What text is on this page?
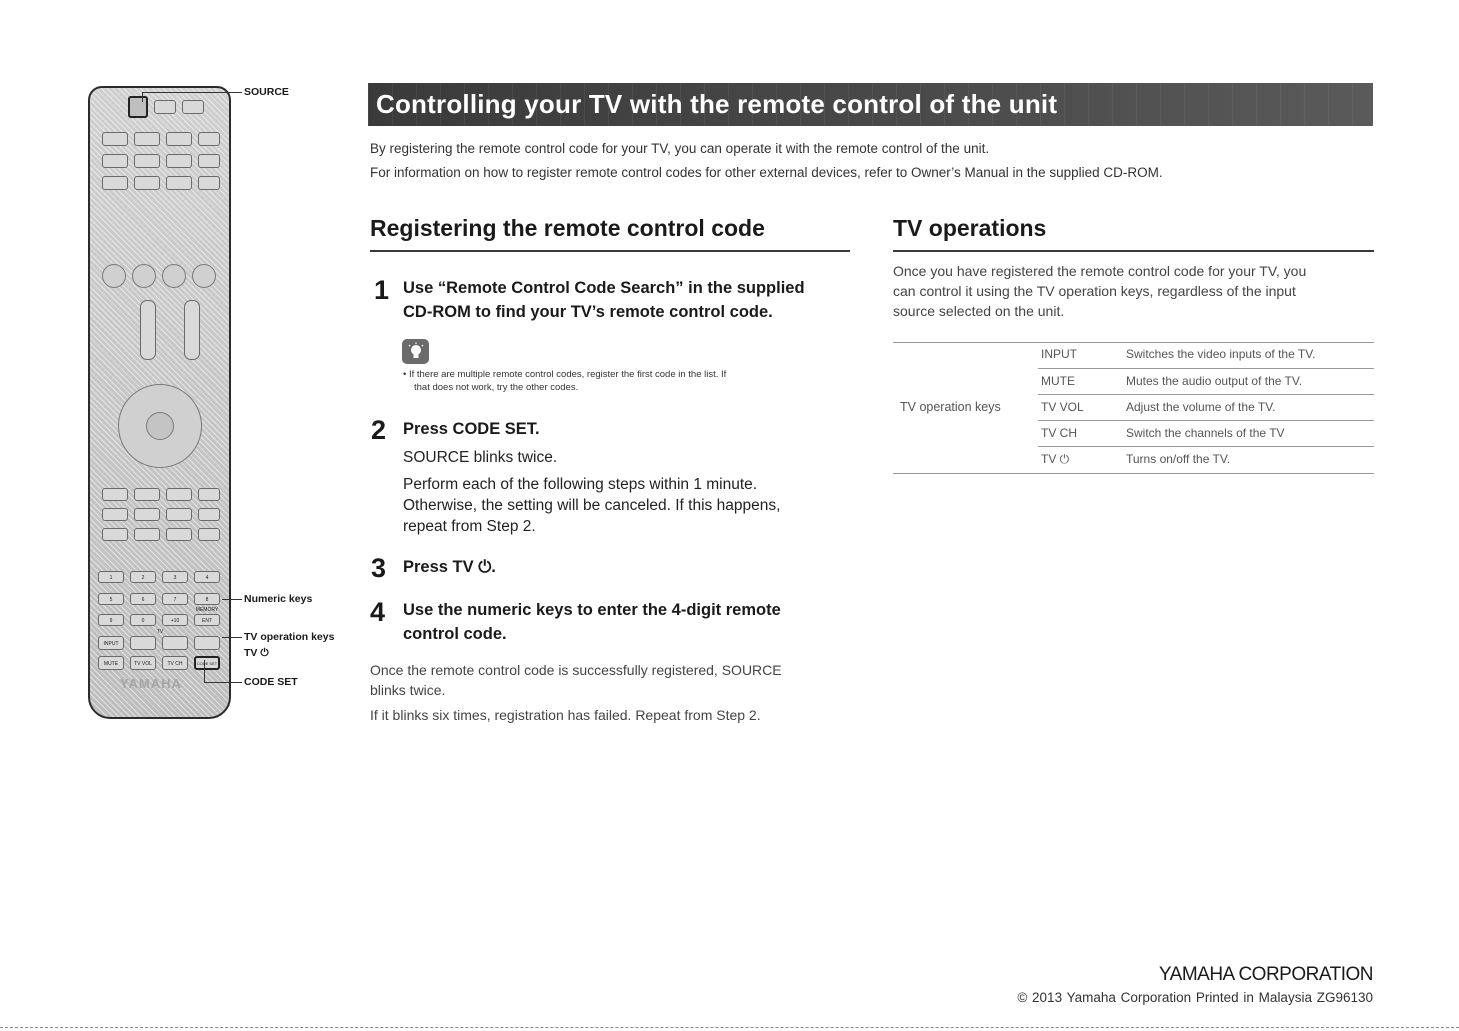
1	2	3	4
5	6	7	8
MEMORY
9	0	+10	ENT
TV
INPUT
MUTE	TV VOL	TV CH	CODE SET
YAMAHA
SOURCE
Numeric keys
TV operation keys
TV ⏻
CODE SET
Controlling your TV with the remote control of the unit
By registering the remote control code for your TV, you can operate it with the remote control of the unit.
For information on how to register remote control codes for other external devices, refer to Owner’s Manual in the supplied CD-ROM.
Registering the remote control code
1 Use “Remote Control Code Search” in the supplied
CD-ROM to find your TV’s remote control code.
• If there are multiple remote control codes, register the first code in the list. If
that does not work, try the other codes.
2 Press CODE SET.
SOURCE blinks twice.
Perform each of the following steps within 1 minute.
Otherwise, the setting will be canceled. If this happens,
repeat from Step 2.
3 Press TV ⏻.
4 Use the numeric keys to enter the 4-digit remote
control code.
Once the remote control code is successfully registered, SOURCE
blinks twice.
If it blinks six times, registration has failed. Repeat from Step 2.
TV operations
Once you have registered the remote control code for your TV, you
can control it using the TV operation keys, regardless of the input
source selected on the unit.
TV operation keys
INPUT	Switches the video inputs of the TV.
MUTE	Mutes the audio output of the TV.
TV VOL	Adjust the volume of the TV.
TV CH	Switch the channels of the TV
TV ⏻	Turns on/off the TV.
YAMAHA CORPORATION
© 2013 Yamaha Corporation Printed in Malaysia ZG96130
